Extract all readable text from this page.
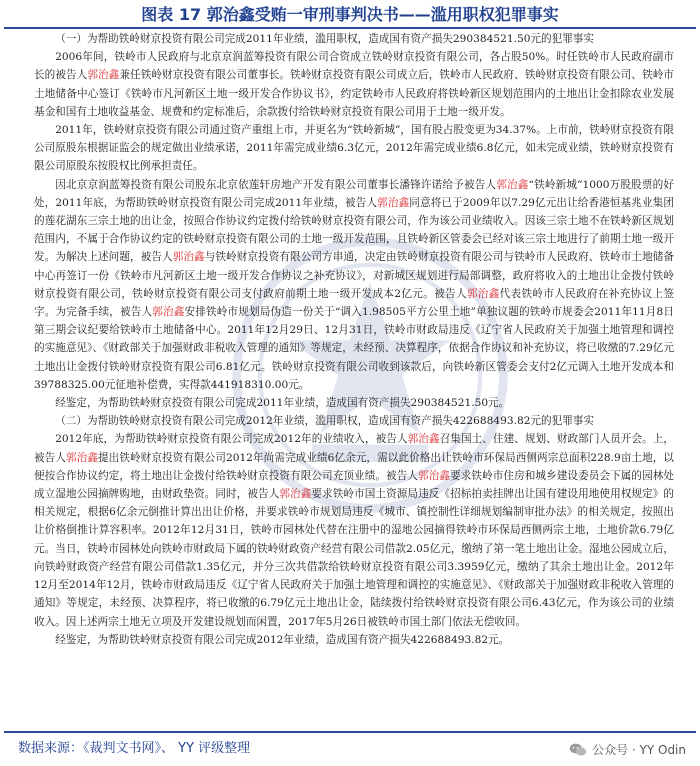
图表 17 郭治鑫受贿一审刑事判决书——滥用职权犯罪事实

（一）为帮助铁岭财京投资有限公司完成2011年业绩，滥用职权，造成国有资产损失290384521.50元的犯罪事实

2006年间，铁岭市人民政府与北京京润蓝筹投资有限公司合资成立铁岭财京投资有限公司，各占股50%。时任铁岭市人民政府副市长的被告人郭治鑫兼任铁岭财京投资有限公司董事长。铁岭财京投资有限公司成立后，铁岭市人民政府、铁岭财京投资有限公司、铁岭市土地储备中心签订《铁岭市凡河新区土地一级开发合作协议书》，约定铁岭市人民政府将铁岭新区规划范围内的土地出让金扣除农业发展基金和国有土地收益基金、规费和约定标准后，余款拨付给铁岭财京投资有限公司用于土地一级开发。

2011年，铁岭财京投资有限公司通过资产重组上市，并更名为“铁岭新城”，国有股占股变更为34.37%。上市前，铁岭财京投资有限公司原股东根据证监会的规定做出业绩承诺，2011年需完成业绩6.3亿元，2012年需完成业绩6.8亿元，如未完成业绩，铁岭财京投资有限公司原股东按股权比例承担责任。

因北京京润蓝筹投资有限公司股东北京依莲轩房地产开发有限公司董事长潘锋许诺给予被告人郭治鑫“铁岭新城”1000万股股票的好处，2011年底，为帮助铁岭财京投资有限公司完成2011年业绩，被告人郭治鑫同意将已于2009年以7.29亿元出让给香港恒基兆业集团的莲花湖东三宗土地的出让金，按照合作协议约定拨付给铁岭财京投资有限公司，作为该公司业绩收入。因该三宗土地不在铁岭新区规划范围内，不属于合作协议约定的铁岭财京投资有限公司的土地一级开发范围，且铁岭新区管委会已经对该三宗土地进行了前期土地一级开发。为解决上述问题，被告人郭治鑫与铁岭财京投资有限公司方串通，决定由铁岭财京投资有限公司与铁岭市人民政府、铁岭市土地储备中心再签订一份《铁岭市凡河新区土地一级开发合作协议之补充协议》，对新城区规划进行局部调整，政府将收入的土地出让金拨付铁岭财京投资有限公司，铁岭财京投资有限公司支付政府前期土地一级开发成本2亿元。被告人郭治鑫代表铁岭市人民政府在补充协议上签字。为完备手续，被告人郭治鑫安排铁岭市规划局伪造一份关于“调入1.98505平方公里土地”单独议题的铁岭市规委会2011年11月8日第三期会议纪要给铁岭市土地储备中心。2011年12月29日、12月31日，铁岭市财政局违反《辽宁省人民政府关于加强土地管理和调控的实施意见》、《财政部关于加强财政非税收入管理的通知》等规定，未经预、决算程序，依据合作协议和补充协议，将已收缴的7.29亿元土地出让金拨付铁岭财京投资有限公司6.81亿元。铁岭财京投资有限公司收到该款后，向铁岭新区管委会支付2亿元调入土地开发成本和39788325.00元征地补偿费，实得款441918310.00元。

经鉴定，为帮助铁岭财京投资有限公司完成2011年业绩，造成国有资产损失290384521.50元。

（二）为帮助铁岭财京投资有限公司完成2012年业绩，滥用职权，造成国有资产损失422688493.82元的犯罪事实

2012年底，为帮助铁岭财京投资有限公司完成2012年的业绩收入，被告人郭治鑫召集国土、住建、规划、财政部门人员开会。上，被告人郭治鑫提出铁岭财京投资有限公司2012年尚需完成业绩6亿余元，需以此价格出让铁岭市环保局西侧两宗总面积228.9亩土地，以便按合作协议约定，将土地出让金拨付给铁岭财京投资有限公司充顶业绩。被告人郭治鑫要求铁岭市住房和城乡建设委员会下属的园林处成立湿地公园摘牌购地，由财政垫资。同时，被告人郭治鑫要求铁岭市国土资源局违反《招标拍卖挂牌出让国有建设用地使用权规定》的相关规定，根据6亿余元倒推计算出出让价格，并要求铁岭市规划局违反《城市、镇控制性详细规划编制审批办法》的相关规定，按照出让价格倒推计算容积率。2012年12月31日，铁岭市园林处代替在注册中的湿地公园摘得铁岭市环保局西侧两宗土地，土地价款6.79亿元。当日，铁岭市园林处向铁岭市财政局下属的铁岭财政资产经营有限公司借款2.05亿元，缴纳了第一笔土地出让金。湿地公园成立后，向铁岭财政资产经营有限公司借款1.35亿元，并分三次共借款给铁岭财京投资有限公司3.3959亿元，缴纳了其余土地出让金。2012年12月至2014年12月，铁岭市财政局违反《辽宁省人民政府关于加强土地管理和调控的实施意见》、《财政部关于加强财政非税收入管理的通知》等规定，未经预、决算程序，将已收缴的6.79亿元土地出让金，陆续拨付给铁岭财京投资有限公司6.43亿元，作为该公司的业绩收入。因上述两宗土地无立项及开发建设规划而闲置，2017年5月26日被铁岭市国土部门依法无偿收回。

经鉴定，为帮助铁岭财京投资有限公司完成2012年业绩，造成国有资产损失422688493.82元。

数据来源：《裁判文书网》、 YY 评级整理	公众号 · YY Odin
